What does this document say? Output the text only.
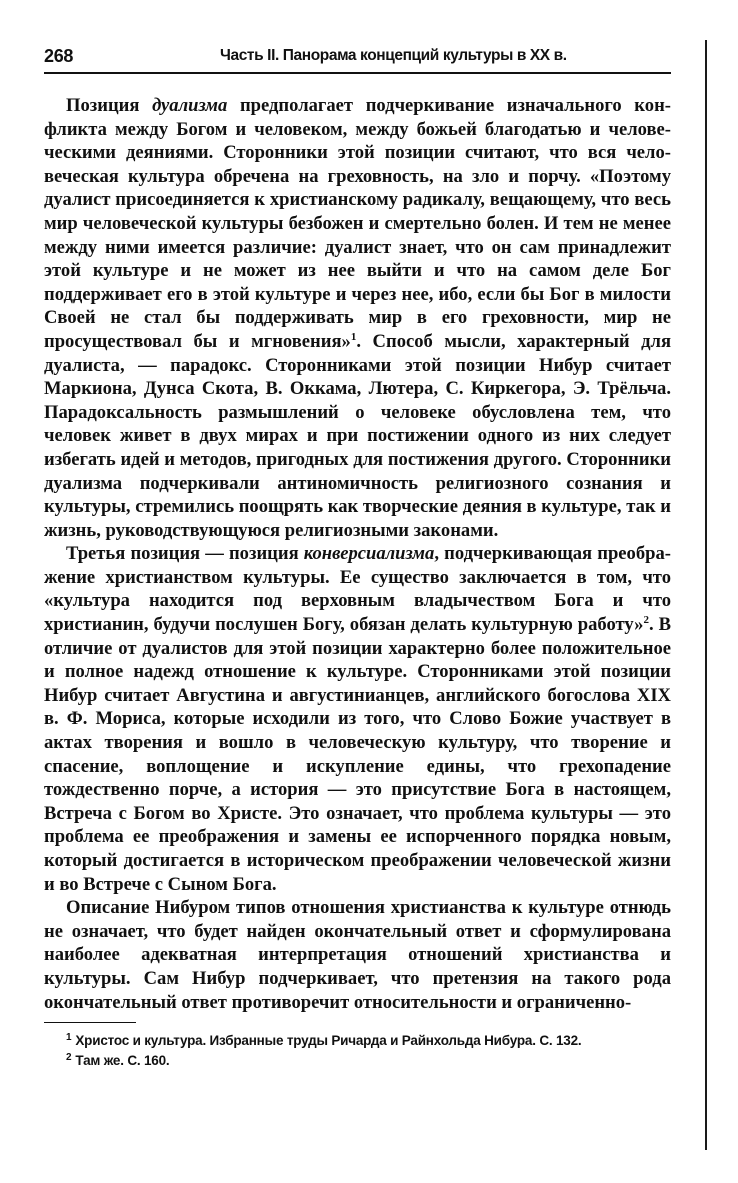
268	Часть II. Панорама концепций культуры в XX в.

Позиция дуализма предполагает подчеркивание изначального конфликта между Богом и человеком, между божьей благодатью и человеческими деяниями. Сторонники этой позиции считают, что вся человеческая культура обречена на греховность, на зло и порчу. «Поэтому дуалист присоединяется к христианскому радикалу, вещающему, что весь мир человеческой культуры безбожен и смертельно болен. И тем не менее между ними имеется различие: дуалист знает, что он сам принадлежит этой культуре и не может из нее выйти и что на самом деле Бог поддерживает его в этой культуре и через нее, ибо, если бы Бог в милости Своей не стал бы поддерживать мир в его греховности, мир не просуществовал бы и мгновения»$^1$. Способ мысли, характерный для дуалиста, — парадокс. Сторонниками этой позиции Нибур считает Маркиона, Дунса Скота, В. Оккама, Лютера, С. Киркегора, Э. Трёльча. Парадоксальность размышлений о человеке обусловлена тем, что человек живет в двух мирах и при постижении одного из них следует избегать идей и методов, пригодных для постижения другого. Сторонники дуализма подчеркивали антиномичность религиозного сознания и культуры, стремились поощрять как творческие деяния в культуре, так и жизнь, руководствующуюся религиозными законами.

Третья позиция — позиция конверсиализма, подчеркивающая преображение христианством культуры. Ее существо заключается в том, что «культура находится под верховным владычеством Бога и что христианин, будучи послушен Богу, обязан делать культурную работу»$^2$. В отличие от дуалистов для этой позиции характерно более положительное и полное надежд отношение к культуре. Сторонниками этой позиции Нибур считает Августина и августинианцев, английского богослова XIX в. Ф. Мориса, которые исходили из того, что Слово Божие участвует в актах творения и вошло в человеческую культуру, что творение и спасение, воплощение и искупление едины, что грехопадение тождественно порче, а история — это присутствие Бога в настоящем, Встреча с Богом во Христе. Это означает, что проблема культуры — это проблема ее преображения и замены ее испорченного порядка новым, который достигается в историческом преображении человеческой жизни и во Встрече с Сыном Бога.

Описание Нибуром типов отношения христианства к культуре отнюдь не означает, что будет найден окончательный ответ и сформулирована наиболее адекватная интерпретация отношений христианства и культуры. Сам Нибур подчеркивает, что претензия на такого рода окончательный ответ противоречит относительности и ограниченно-

$^1$ Христос и культура. Избранные труды Ричарда и Райнхольда Нибура. С. 132.
$^2$ Там же. С. 160.
